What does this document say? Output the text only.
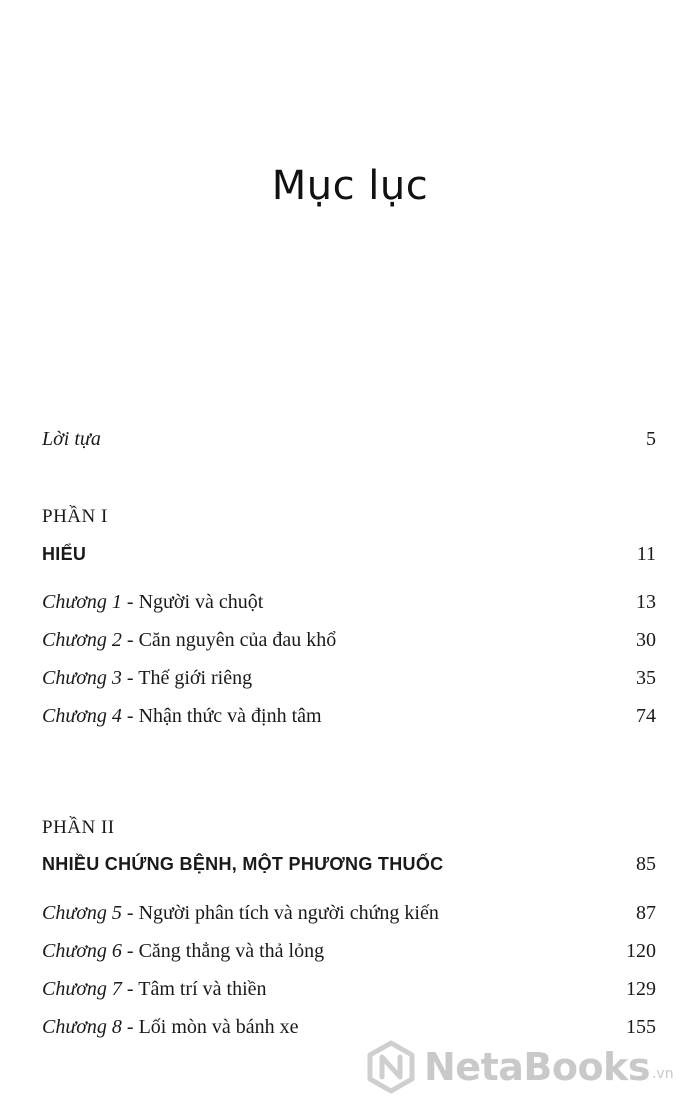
Mục lục
Lời tựa	5
PHẦN I
HIỂU	11
Chương 1 - Người và chuột	13
Chương 2 - Căn nguyên của đau khổ	30
Chương 3 - Thế giới riêng	35
Chương 4 - Nhận thức và định tâm	74
PHẦN II
NHIỀU CHỨNG BỆNH, MỘT PHƯƠNG THUỐC	85
Chương 5 - Người phân tích và người chứng kiến	87
Chương 6 - Căng thẳng và thả lỏng	120
Chương 7 - Tâm trí và thiền	129
Chương 8 - Lối mòn và bánh xe	155
NetaBooks .vn
